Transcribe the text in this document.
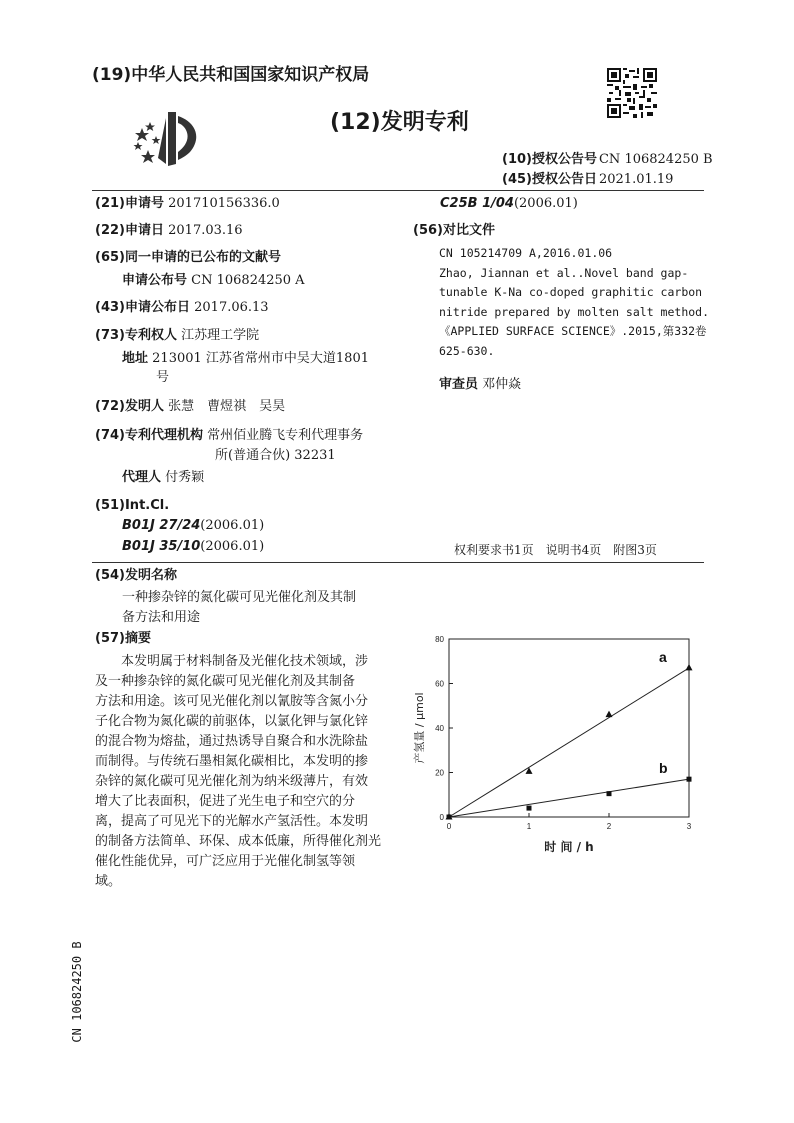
(19)中华人民共和国国家知识产权局
(12)发明专利
(10)授权公告号 CN 106824250 B
(45)授权公告日 2021.01.19
(21)申请号 201710156336.0
(22)申请日 2017.03.16
(65)同一申请的已公布的文献号
申请公布号 CN 106824250 A
(43)申请公布日 2017.06.13
(73)专利权人 江苏理工学院
地址 213001 江苏省常州市中吴大道1801
号
(72)发明人 张慧　曹煜祺　吴昊
(74)专利代理机构 常州佰业腾飞专利代理事务
所(普通合伙) 32231
代理人 付秀颖
(51)Int.Cl.
B01J 27/24(2006.01)
B01J 35/10(2006.01)
C25B 1/04(2006.01)
(56)对比文件
CN 105214709 A,2016.01.06
Zhao, Jiannan et al..Novel band gap-
tunable K-Na co-doped graphitic carbon
nitride prepared by molten salt method.
《APPLIED SURFACE SCIENCE》.2015,第332卷
625-630.
审查员 邓仲焱
权利要求书1页　说明书4页　附图3页
(54)发明名称
一种掺杂锌的氮化碳可见光催化剂及其制
备方法和用途
(57)摘要
本发明属于材料制备及光催化技术领域，涉
及一种掺杂锌的氮化碳可见光催化剂及其制备
方法和用途。该可见光催化剂以氰胺等含氮小分
子化合物为氮化碳的前驱体，以氯化钾与氯化锌
的混合物为熔盐，通过热诱导自聚合和水洗除盐
而制得。与传统石墨相氮化碳相比，本发明的掺
杂锌的氮化碳可见光催化剂为纳米级薄片，有效
增大了比表面积，促进了光生电子和空穴的分
离，提高了可见光下的光解水产氢活性。本发明
的制备方法简单、环保、成本低廉，所得催化剂光
催化性能优异，可广泛应用于光催化制氢等领
域。
CN 106824250 B
0	1	2	3
0
20
40
60
80
时 间 / h
产氢量 / μmol
a
b
